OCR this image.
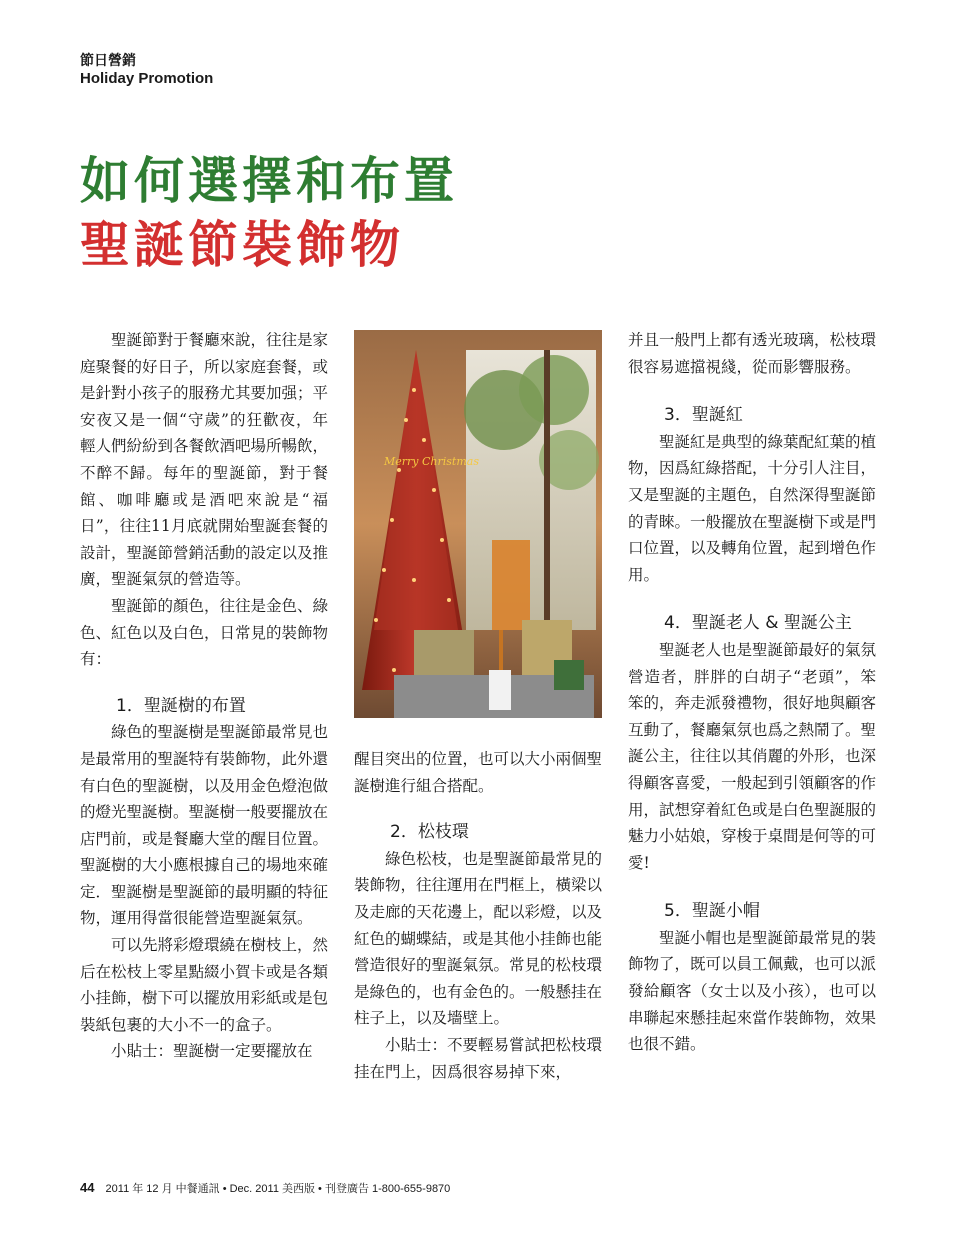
節日營銷
Holiday Promotion
如何選擇和布置
聖誕節裝飾物

聖誕節對于餐廳來說，往往是家庭聚餐的好日子，所以家庭套餐，或是針對小孩子的服務尤其要加强；平安夜又是一個“守歲”的狂歡夜，年輕人們紛紛到各餐飲酒吧場所暢飲，不醉不歸。每年的聖誕節，對于餐館、咖啡廳或是酒吧來說是“福日”，往往11月底就開始聖誕套餐的設計，聖誕節營銷活動的設定以及推廣，聖誕氣氛的營造等。

聖誕節的顏色，往往是金色、綠色、紅色以及白色，日常見的裝飾物有：

1．聖誕樹的布置

綠色的聖誕樹是聖誕節最常見也是最常用的聖誕特有裝飾物，此外還有白色的聖誕樹，以及用金色燈泡做的燈光聖誕樹。聖誕樹一般要擺放在店門前，或是餐廳大堂的醒目位置。聖誕樹的大小應根據自己的場地來確定．聖誕樹是聖誕節的最明顯的特征物，運用得當很能營造聖誕氣氛。

可以先將彩燈環繞在樹枝上，然后在松枝上零星點綴小賀卡或是各類小挂飾，樹下可以擺放用彩紙或是包裝紙包裹的大小不一的盒子。

小貼士：聖誕樹一定要擺放在

Merry Christmas

醒目突出的位置，也可以大小兩個聖誕樹進行組合搭配。

2．松枝環

綠色松枝，也是聖誕節最常見的裝飾物，往往運用在門框上，橫梁以及走廊的天花邊上，配以彩燈，以及紅色的蝴蝶結，或是其他小挂飾也能營造很好的聖誕氣氛。常見的松枝環是綠色的，也有金色的。一般懸挂在柱子上，以及墻壁上。

小貼士：不要輕易嘗試把松枝環挂在門上，因爲很容易掉下來，

并且一般門上都有透光玻璃，松枝環很容易遮擋視綫，從而影響服務。

3．聖誕紅

聖誕紅是典型的綠葉配紅葉的植物，因爲紅綠搭配，十分引人注目，又是聖誕的主題色，自然深得聖誕節的青睞。一般擺放在聖誕樹下或是門口位置，以及轉角位置，起到增色作用。

4．聖誕老人 & 聖誕公主

聖誕老人也是聖誕節最好的氣氛營造者，胖胖的白胡子“老頭”，笨笨的，奔走派發禮物，很好地與顧客互動了，餐廳氣氛也爲之熱鬧了。聖誕公主，往往以其俏麗的外形，也深得顧客喜愛，一般起到引領顧客的作用，試想穿着紅色或是白色聖誕服的魅力小姑娘，穿梭于桌間是何等的可愛!

5．聖誕小帽

聖誕小帽也是聖誕節最常見的裝飾物了，既可以員工佩戴，也可以派發給顧客（女士以及小孩），也可以串聯起來懸挂起來當作裝飾物，效果也很不錯。

44 2011 年 12 月 中餐通訊 • Dec. 2011 美西版 • 刊登廣告 1-800-655-9870
